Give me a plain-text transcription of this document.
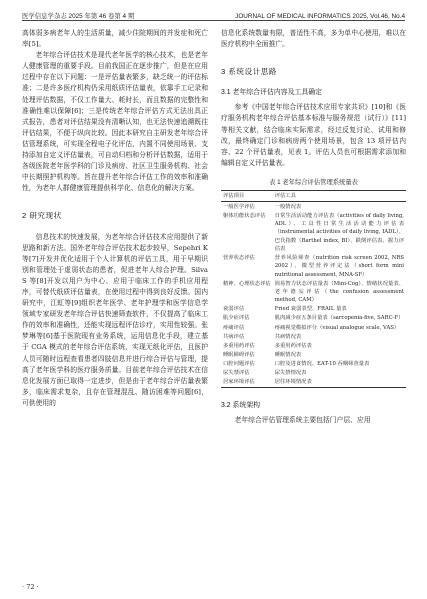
医学信息学杂志 2025 年第 46 卷第 4 期	JOURNAL OF MEDICAL INFORMATICS 2025, Vol.46, No.4

高体弱多病老年人的生活质量，减少住院期间的并发症和死亡率[5]。

老年综合评估技术是现代老年医学的核心技术，也是老年人健康管理的重要手段。目前我国正在逐步推广，但是在应用过程中存在以下问题：一是评估量表繁多，缺乏统一的评估标准；二是许多医疗机构仍采用纸质评估量表，依靠手工记录和处理评估数据，不仅工作量大、耗时长，而且数据的完整性和准确性难以保障[6]；三是传统老年综合评估方式无法出具正式报告，患者对评估结果没有清晰认知，也无法快速追溯既往评估结果，不便于纵向比较。因此本研究自主研发老年综合评估管理系统，可实现全程电子化评估，内置不同使用场景、支持添加自定义评估量表，可自动归档和分析评估数据，适用于各级医院老年医学科的门诊及病房、社区卫生服务机构、社会中长期照护机构等。旨在提升老年综合评估工作的效率和准确性，为老年人群健康管理提供科学化、信息化的解决方案。

2 研究现状

信息技术的快速发展，为老年综合评估技术应用提供了新思路和新方法。国外老年综合评估技术起步较早，Sepehri K 等[7]开发并优化适用于个人计算机的评估工具，用于早期识别和管理处于虚弱状态的患者，促进老年人综合护理。Silva S 等[8]开发以用户为中心、应用于临床工作的手机应用程序，可替代纸质评估量表，在使用过程中得到良好反馈。国内研究中，江虹等[9]组织老年医学、老年护理学和医学信息学领域专家研发老年综合评估快速筛查软件，不仅提高了临床工作的效率和准确性，还能实现远程评估诊疗，实用性较强。张梦琳等[6]基于医院现有业务系统，运用信息化手段，建立基于 CGA 模式的老年综合评估系统，实现无纸化评估，且医护人员可随时远程查看患者四肢信息并进行综合评估与管理，提高了老年医学科的医疗服务质量。目前老年综合评估技术在信息化发展方面已取得一定进步，但是由于老年综合评估量表繁多，临床需求复杂，且存在管理混乱、随访困难等问题[6]，可供使用的

信息化系统数量有限，普适性不高，多为单中心使用，难以在医疗机构中全面推广。

3 系统设计思路
3.1 老年综合评估内容及工具确定

参考《中国老年综合评估技术应用专家共识》[10]和《医疗服务机构老年综合评估基本标准与服务规范（试行）》[11]等相关文献，结合临床实际需求，经过反复讨论、试用和修改，最终确定门诊和病房两个使用场景，包含 13 项评估内容、22 个评估量表，见表 1。评估人员也可根据需求添加和编辑自定义评估量表。

表 1 老年综合评估管理系统量表
评估项目	评估工具
一般医学评估	一般情况表
躯体功能状态评估	日常生活活动能力评估表（activities of daily living, ADL）、工具性日常生活活动能力评估表（instrumental activities of daily living, IADL）、巴氏指数（Barthel index, BI）、跌倒评估表、握力评估表
营养状态评估	营养风险筛查（nutrition risk screen 2002, NRS 2002）、微型营养评定法（short form mini nutritional assessment, MNA-SF）
精神、心理状态评估	简易智力状态评估量表（Mini-Cog）、情绪状况量表、老年谵妄评估（the confusion assessment method, CAM）
衰弱评估	Fried 衰弱表型、FRAIL 量表
肌少症评估	肌肉减少症五条目量表（sarcopenia-five, SARC-F）
疼痛评估	疼痛视觉模拟评分（visual analogue scale, VAS）
共病评估	共病情况表
多重用药评估	多重用药评估表
睡眠障碍评估	睡眠情况表
口腔问题评估	口腔及进食情况、EAT-10 吞咽筛查量表
尿失禁评估	尿失禁情况表
居家环境评估	居住环境情况表
3.2 系统架构

老年综合评估管理系统主要包括门户层、应用

· 72 ·
